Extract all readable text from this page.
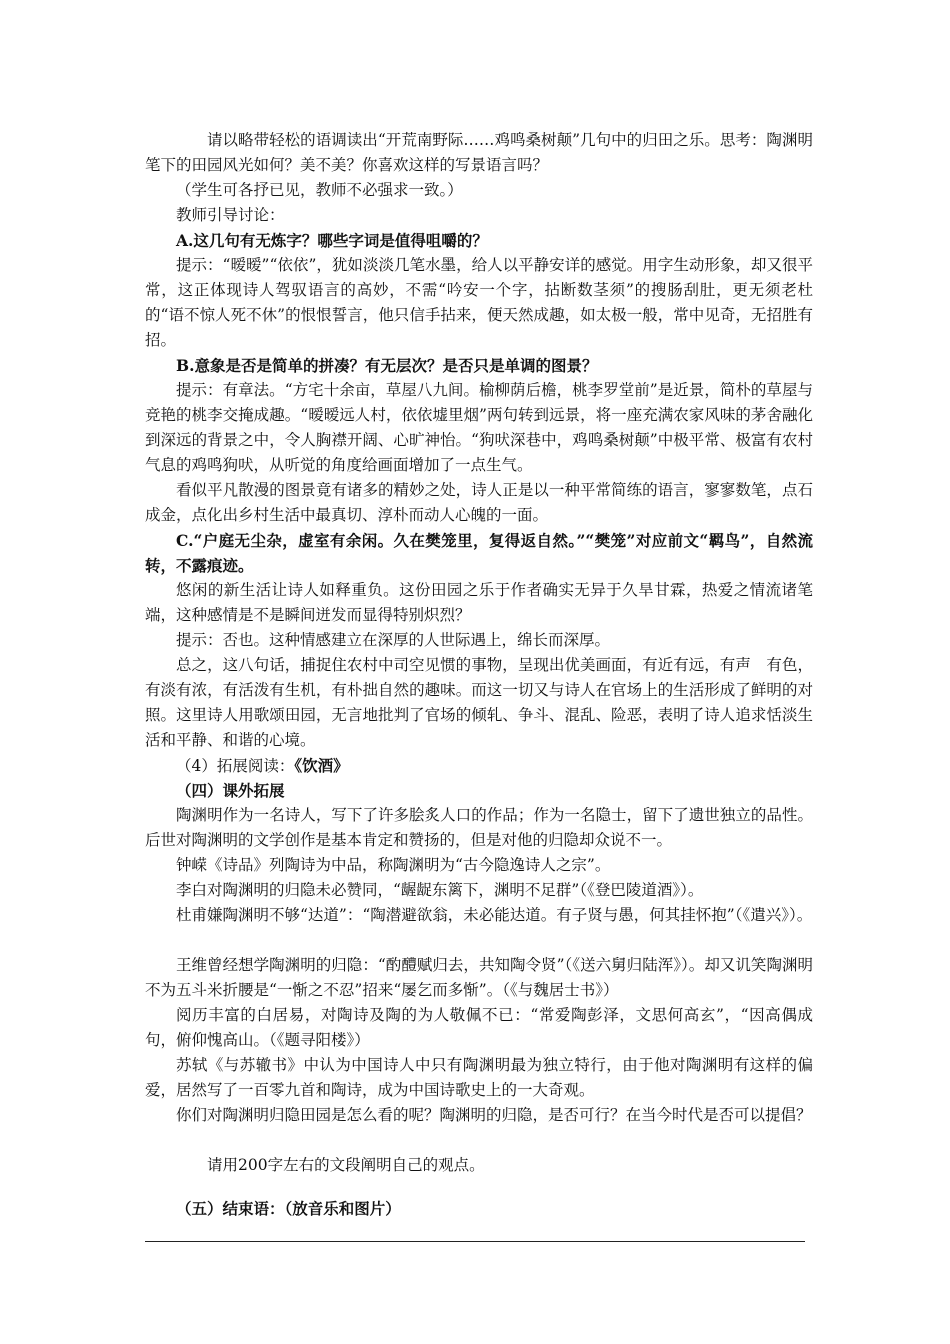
请以略带轻松的语调读出“开荒南野际……鸡鸣桑树颠”几句中的归田之乐。思考：陶渊明笔下的田园风光如何？美不美？你喜欢这样的写景语言吗？

（学生可各抒已见，教师不必强求一致。）

教师引导讨论：

A.这几句有无炼字？哪些字词是值得咀嚼的？

提示：“暧暧”“依依”，犹如淡淡几笔水墨，给人以平静安详的感觉。用字生动形象，却又很平常，这正体现诗人驾驭语言的高妙，不需“吟安一个字，拈断数茎须”的搜肠刮肚，更无须老杜的“语不惊人死不休”的恨恨誓言，他只信手拈来，便天然成趣，如太极一般，常中见奇，无招胜有招。

B.意象是否是简单的拼凑？有无层次？是否只是单调的图景？

提示：有章法。“方宅十余亩，草屋八九间。榆柳荫后檐，桃李罗堂前”是近景，简朴的草屋与竞艳的桃李交掩成趣。“暧暧远人村，依依墟里烟”两句转到远景，将一座充满农家风味的茅舍融化到深远的背景之中，令人胸襟开阔、心旷神怡。“狗吠深巷中，鸡鸣桑树颠”中极平常、极富有农村气息的鸡鸣狗吠，从听觉的角度给画面增加了一点生气。

看似平凡散漫的图景竟有诸多的精妙之处，诗人正是以一种平常简练的语言，寥寥数笔，点石成金，点化出乡村生活中最真切、淳朴而动人心魄的一面。

C.“户庭无尘杂，虚室有余闲。久在樊笼里，复得返自然。”“樊笼”对应前文“羁鸟”，自然流转，不露痕迹。

悠闲的新生活让诗人如释重负。这份田园之乐于作者确实无异于久旱甘霖，热爱之情流诸笔端，这种感情是不是瞬间迸发而显得特别炽烈？

提示：否也。这种情感建立在深厚的人世际遇上，绵长而深厚。

总之，这八句话，捕捉住农村中司空见惯的事物，呈现出优美画面，有近有远，有声　有色，有淡有浓，有活泼有生机，有朴拙自然的趣味。而这一切又与诗人在官场上的生活形成了鲜明的对照。这里诗人用歌颂田园，无言地批判了官场的倾轧、争斗、混乱、险恶，表明了诗人追求恬淡生活和平静、和谐的心境。

（4）拓展阅读：《饮酒》

（四）课外拓展

陶渊明作为一名诗人，写下了许多脍炙人口的作品；作为一名隐士，留下了遗世独立的品性。后世对陶渊明的文学创作是基本肯定和赞扬的，但是对他的归隐却众说不一。

钟嵘《诗品》列陶诗为中品，称陶渊明为“古今隐逸诗人之宗”。

李白对陶渊明的归隐未必赞同，“龌龊东篱下，渊明不足群”（《登巴陵道酒》）。

杜甫嫌陶渊明不够“达道”：“陶潜避欲翁，未必能达道。有子贤与愚，何其挂怀抱”（《遣兴》）。

王维曾经想学陶渊明的归隐：“酌醴赋归去，共知陶令贤”（《送六舅归陆浑》）。却又讥笑陶渊明不为五斗米折腰是“一惭之不忍”招来“屡乞而多惭”。（《与魏居士书》）

阅历丰富的白居易，对陶诗及陶的为人敬佩不已：“常爱陶彭泽，文思何高玄”，“因高偶成句，俯仰愧高山。（《题寻阳楼》）

苏轼《与苏辙书》中认为中国诗人中只有陶渊明最为独立特行，由于他对陶渊明有这样的偏爱，居然写了一百零九首和陶诗，成为中国诗歌史上的一大奇观。

你们对陶渊明归隐田园是怎么看的呢？陶渊明的归隐，是否可行？在当今时代是否可以提倡？

请用200字左右的文段阐明自己的观点。

（五）结束语：（放音乐和图片）
